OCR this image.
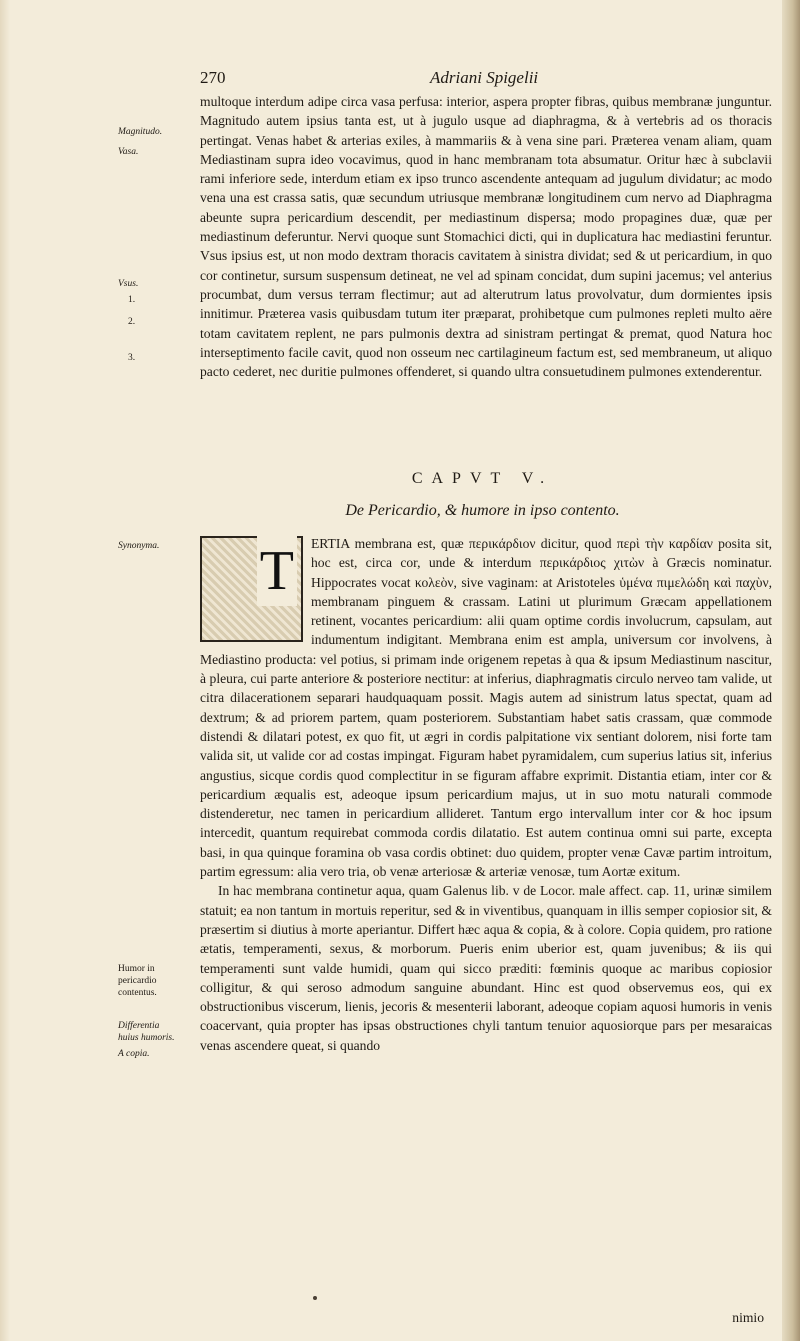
270	Adriani Spigelii
Magnitudo.
Vasa.
Vsus.
1.
2.
3.
Synonyma.
Humor in pericardio contentus.
Differentia huius humoris.
A copia.

multoque interdum adipe circa vasa perfusa: interior, aspera propter fibras, quibus membranæ junguntur. Magnitudo autem ipsius tanta est, ut à jugulo usque ad diaphragma, & à vertebris ad os thoracis pertingat. Venas habet & arterias exiles, à mammariis & à vena sine pari. Præterea venam aliam, quam Mediastinam supra ideo vocavimus, quod in hanc membranam tota absumatur. Oritur hæc à subclavii rami inferiore sede, interdum etiam ex ipso trunco ascendente antequam ad jugulum dividatur; ac modo vena una est crassa satis, quæ secundum utriusque membranæ longitudinem cum nervo ad Diaphragma abeunte supra pericardium descendit, per mediastinum dispersa; modo propagines duæ, quæ per mediastinum deferuntur. Nervi quoque sunt Stomachici dicti, qui in duplicatura hac mediastini feruntur. Vsus ipsius est, ut non modo dextram thoracis cavitatem à sinistra dividat; sed & ut pericardium, in quo cor continetur, sursum suspensum detineat, ne vel ad spinam concidat, dum supini jacemus; vel anterius procumbat, dum versus terram flectimur; aut ad alterutrum latus provolvatur, dum dormientes ipsis innitimur. Præterea vasis quibusdam tutum iter præparat, prohibetque cum pulmones repleti multo aëre totam cavitatem replent, ne pars pulmonis dextra ad sinistram pertingat & premat, quod Natura hoc interseptimento facile cavit, quod non osseum nec cartilagineum factum est, sed membraneum, ut aliquo pacto cederet, nec duritie pulmones offenderet, si quando ultra consuetudinem pulmones extenderentur.

CAPVT V.
De Pericardio, & humore in ipso contento.
T	ERTIA membrana est, quæ περικάρδιον dicitur, quod περὶ τὴν καρδίαν posita sit, hoc est, circa cor, unde & interdum περικάρδιος χιτὼν à Græcis nominatur. Hippocrates vocat κολεὸν, sive vaginam: at Aristoteles ὑμένα πιμελώδη καὶ παχὺν, membranam pinguem & crassam. Latini ut plurimum Græcam appellationem retinent, vocantes pericardium: alii quam optime cordis involucrum, capsulam, aut indumentum indigitant. Membrana enim est ampla, universum cor involvens, à Mediastino producta: vel potius, si primam inde origenem repetas à qua & ipsum Mediastinum nascitur, à pleura, cui parte anteriore & posteriore nectitur: at inferius, diaphragmatis circulo nerveo tam valide, ut citra dilacerationem separari haudquaquam possit. Magis autem ad sinistrum latus spectat, quam ad dextrum; & ad priorem partem, quam posteriorem. Substantiam habet satis crassam, quæ commode distendi & dilatari potest, ex quo fit, ut ægri in cordis palpitatione vix sentiant dolorem, nisi forte tam valida sit, ut valide cor ad costas impingat. Figuram habet pyramidalem, cum superius latius sit, inferius angustius, sicque cordis quod complectitur in se figuram affabre exprimit. Distantia etiam, inter cor & pericardium æqualis est, adeoque ipsum pericardium majus, ut in suo motu naturali commode distenderetur, nec tamen in pericardium allideret. Tantum ergo intervallum inter cor & hoc ipsum intercedit, quantum requirebat commoda cordis dilatatio. Est autem continua omni sui parte, excepta basi, in qua quinque foramina ob vasa cordis obtinet: duo quidem, propter venæ Cavæ partim introitum, partim egressum: alia vero tria, ob venæ arteriosæ & arteriæ venosæ, tum Aortæ exitum.

In hac membrana continetur aqua, quam Galenus lib. v de Locor. male affect. cap. 11, urinæ similem statuit; ea non tantum in mortuis reperitur, sed & in viventibus, quanquam in illis semper copiosior sit, & præsertim si diutius à morte aperiantur. Differt hæc aqua & copia, & à colore. Copia quidem, pro ratione ætatis, temperamenti, sexus, & morborum. Pueris enim uberior est, quam juvenibus; & iis qui temperamenti sunt valde humidi, quam qui sicco præditi: fœminis quoque ac maribus copiosior colligitur, & qui seroso admodum sanguine abundant. Hinc est quod observemus eos, qui ex obstructionibus viscerum, lienis, jecoris & mesenterii laborant, adeoque copiam aquosi humoris in venis coacervant, quia propter has ipsas obstructiones chyli tantum tenuior aquosiorque pars per mesaraicas venas ascendere queat, si quando

nimio
